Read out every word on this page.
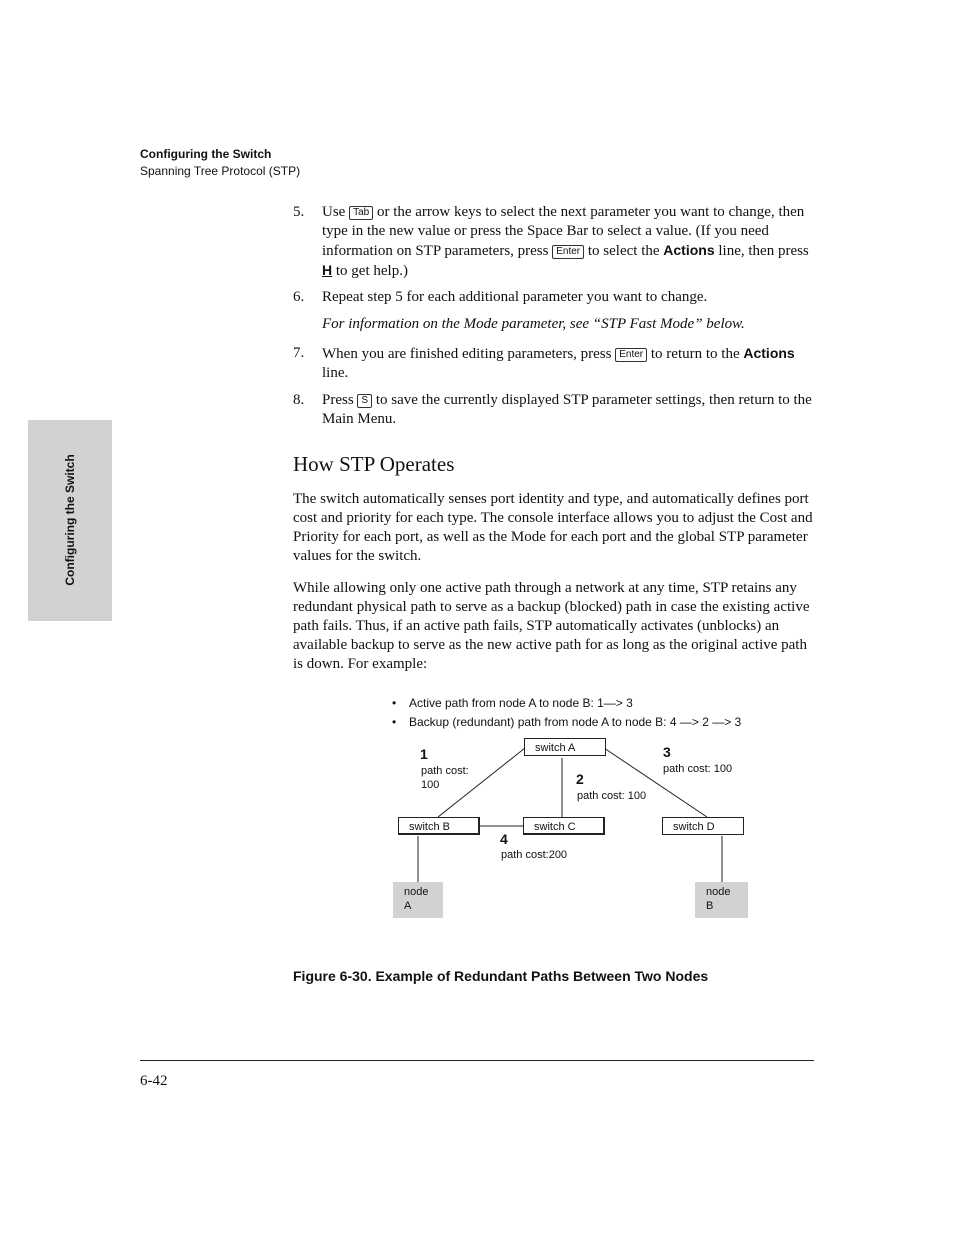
Configuring the Switch
Spanning Tree Protocol (STP)
Configuring the Switch
5. Use Tab or the arrow keys to select the next parameter you want to change, then type in the new value or press the Space Bar to select a value. (If you need information on STP parameters, press Enter to select the Actions line, then press H to get help.)
6. Repeat step 5 for each additional parameter you want to change.
For information on the Mode parameter, see “STP Fast Mode” below.
7. When you are finished editing parameters, press Enter to return to the Actions line.
8. Press S to save the currently displayed STP parameter settings, then return to the Main Menu.
How STP Operates
The switch automatically senses port identity and type, and automatically defines port cost and priority for each type. The console interface allows you to adjust the Cost and Priority for each port, as well as the Mode for each port and the global STP parameter values for the switch.
While allowing only one active path through a network at any time, STP retains any redundant physical path to serve as a backup (blocked) path in case the existing active path fails. Thus, if an active path fails, STP automatically activates (unblocks) an available backup to serve as the new active path for as long as the original active path is down. For example:
• Active path from node A to node B: 1—> 3
• Backup (redundant) path from node A to node B: 4 —> 2 —> 3
switch A
switch B	switch C	switch D
node
A
node
B
1
path cost:
100	2
path cost: 100
3
path cost: 100
4
path cost:200
Figure 6-30. Example of Redundant Paths Between Two Nodes
6-42
